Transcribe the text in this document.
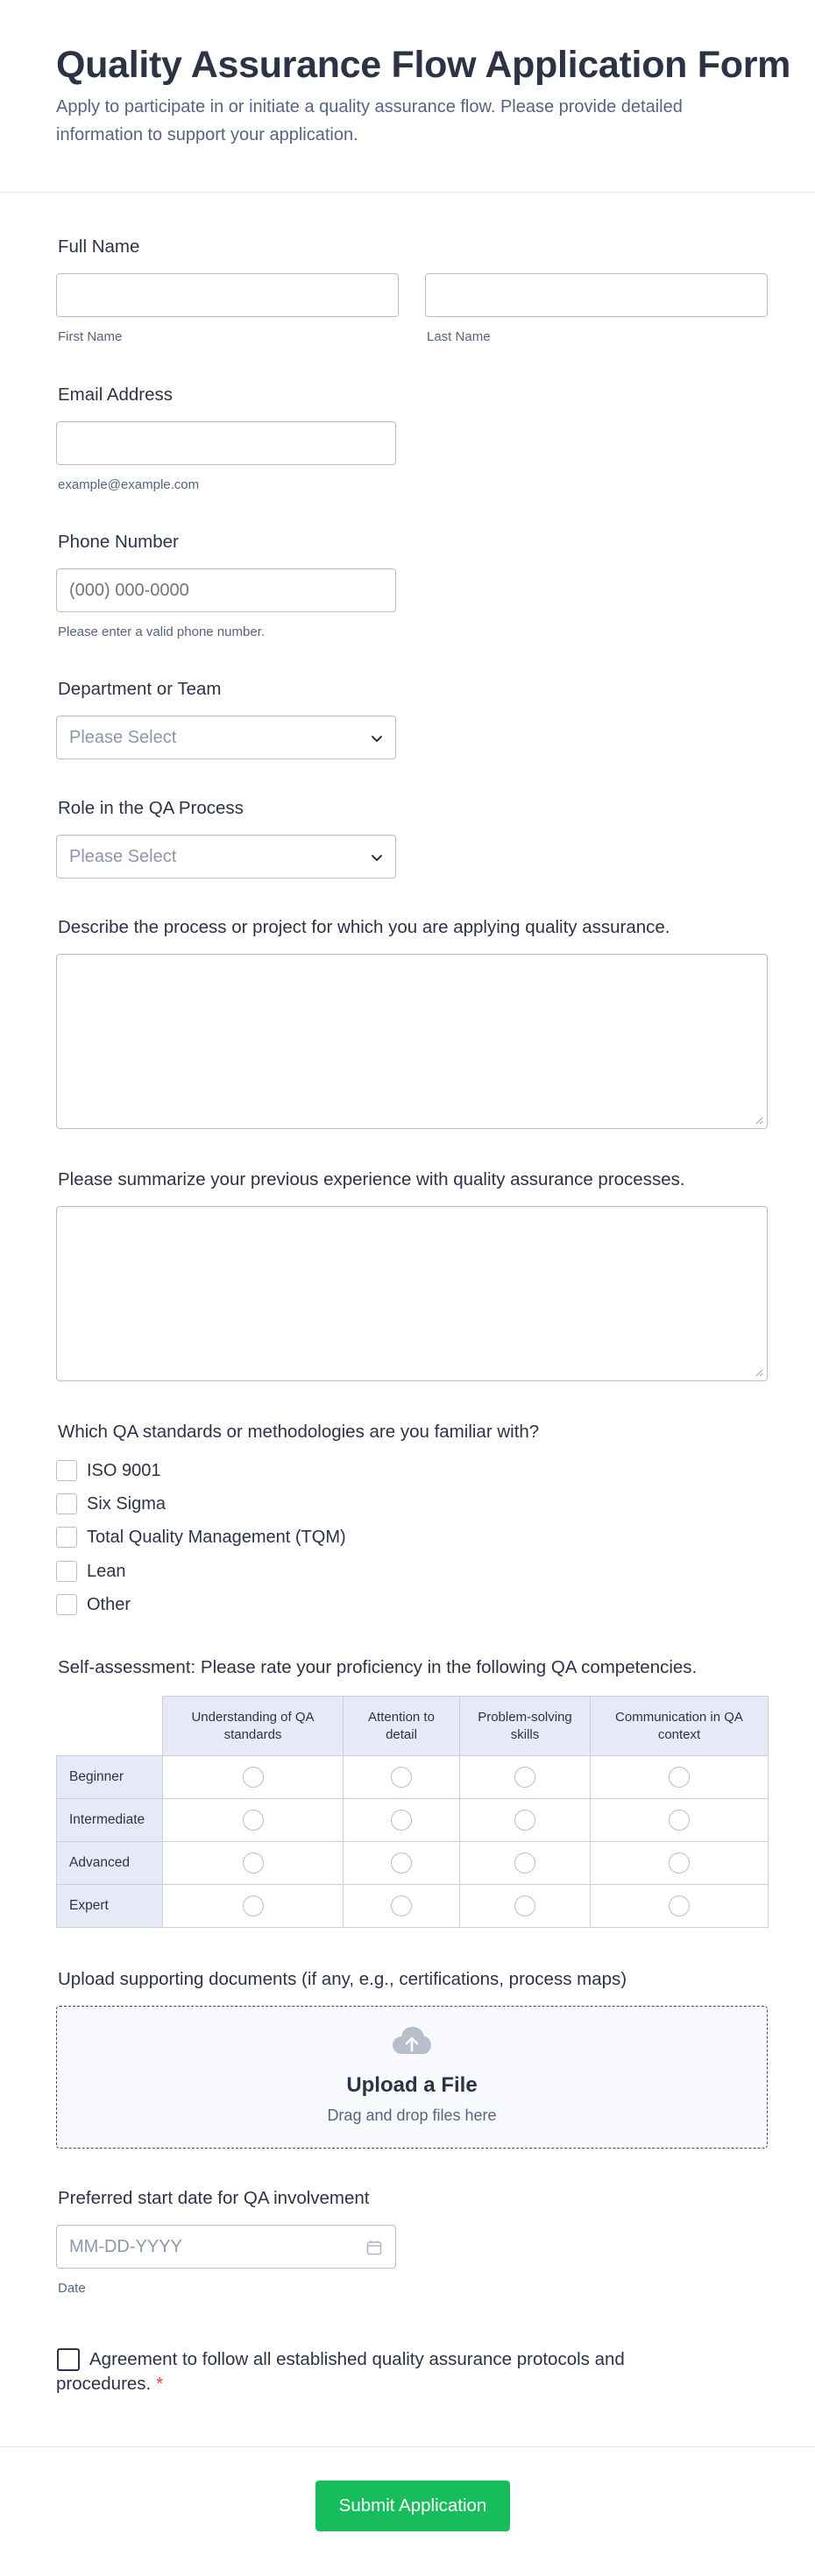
Quality Assurance Flow Application Form

Apply to participate in or initiate a quality assurance flow. Please provide detailed information to support your application.

Full Name
First Name	Last Name
Email Address
example@example.com
Phone Number
(000) 000-0000
Please enter a valid phone number.
Department or Team
Please Select
Role in the QA Process
Please Select
Describe the process or project for which you are applying quality assurance.
Please summarize your previous experience with quality assurance processes.
Which QA standards or methodologies are you familiar with?
ISO 9001
Six Sigma
Total Quality Management (TQM)
Lean
Other
Self-assessment: Please rate your proficiency in the following QA competencies.
	Understanding of QA standards	Attention to detail	Problem-solving skills	Communication in QA context
Beginner				
Intermediate				
Advanced				
Expert				
Upload supporting documents (if any, e.g., certifications, process maps)
Upload a File
Drag and drop files here
Preferred start date for QA involvement
MM-DD-YYYY
Date
Agreement to follow all established quality assurance protocols and procedures. *
Submit Application
